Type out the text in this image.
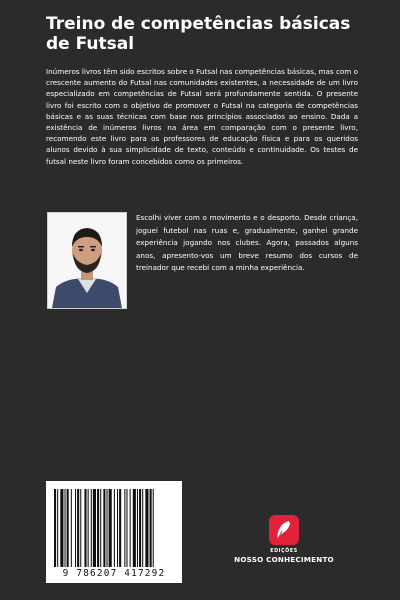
Treino de competências básicas de Futsal
Inúmeros livros têm sido escritos sobre o Futsal nas competências básicas, mas com o crescente aumento do Futsal nas comunidades existentes, a necessidade de um livro especializado em competências de Futsal será profundamente sentida. O presente livro foi escrito com o objetivo de promover o Futsal na categoria de competências básicas e as suas técnicas com base nos princípios associados ao ensino. Dada a existência de inúmeros livros na área em comparação com o presente livro, recomendo este livro para os professores de educação física e para os queridos alunos devido à sua simplicidade de texto, conteúdo e continuidade. Os testes de futsal neste livro foram concebidos como os primeiros.
Escolhi viver com o movimento e o desporto. Desde criança, joguei futebol nas ruas e, gradualmente, ganhei grande experiência jogando nos clubes. Agora, passados alguns anos, apresento-vos um breve resumo dos cursos de treinador que recebi com a minha experiência.
9 786207 417292
EDIÇÕES
NOSSO CONHECIMENTO
